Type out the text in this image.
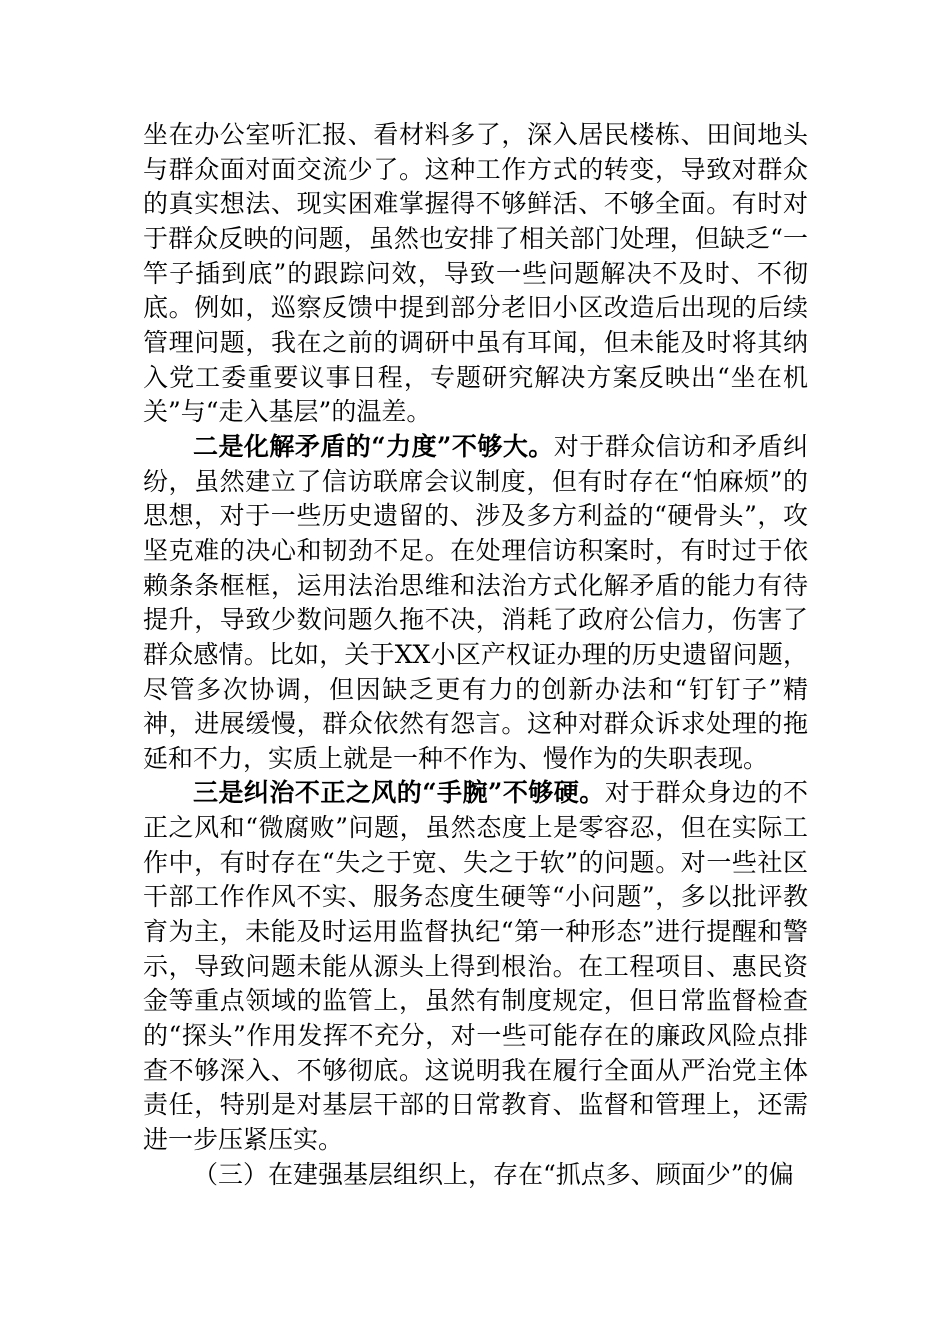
坐在办公室听汇报、看材料多了，深入居民楼栋、田间地头与群众面对面交流少了。这种工作方式的转变，导致对群众的真实想法、现实困难掌握得不够鲜活、不够全面。有时对于群众反映的问题，虽然也安排了相关部门处理，但缺乏“一竿子插到底”的跟踪问效，导致一些问题解决不及时、不彻底。例如，巡察反馈中提到部分老旧小区改造后出现的后续管理问题，我在之前的调研中虽有耳闻，但未能及时将其纳入党工委重要议事日程，专题研究解决方案反映出“坐在机关”与“走入基层”的温差。

二是化解矛盾的“力度”不够大。对于群众信访和矛盾纠纷，虽然建立了信访联席会议制度，但有时存在“怕麻烦”的思想，对于一些历史遗留的、涉及多方利益的“硬骨头”，攻坚克难的决心和韧劲不足。在处理信访积案时，有时过于依赖条条框框，运用法治思维和法治方式化解矛盾的能力有待提升，导致少数问题久拖不决，消耗了政府公信力，伤害了群众感情。比如，关于XX小区产权证办理的历史遗留问题，尽管多次协调，但因缺乏更有力的创新办法和“钉钉子”精神，进展缓慢，群众依然有怨言。这种对群众诉求处理的拖延和不力，实质上就是一种不作为、慢作为的失职表现。

三是纠治不正之风的“手腕”不够硬。对于群众身边的不正之风和“微腐败”问题，虽然态度上是零容忍，但在实际工作中，有时存在“失之于宽、失之于软”的问题。对一些社区干部工作作风不实、服务态度生硬等“小问题”，多以批评教育为主，未能及时运用监督执纪“第一种形态”进行提醒和警示，导致问题未能从源头上得到根治。在工程项目、惠民资金等重点领域的监管上，虽然有制度规定，但日常监督检查的“探头”作用发挥不充分，对一些可能存在的廉政风险点排查不够深入、不够彻底。这说明我在履行全面从严治党主体责任，特别是对基层干部的日常教育、监督和管理上，还需进一步压紧压实。

（三）在建强基层组织上，存在“抓点多、顾面少”的偏
